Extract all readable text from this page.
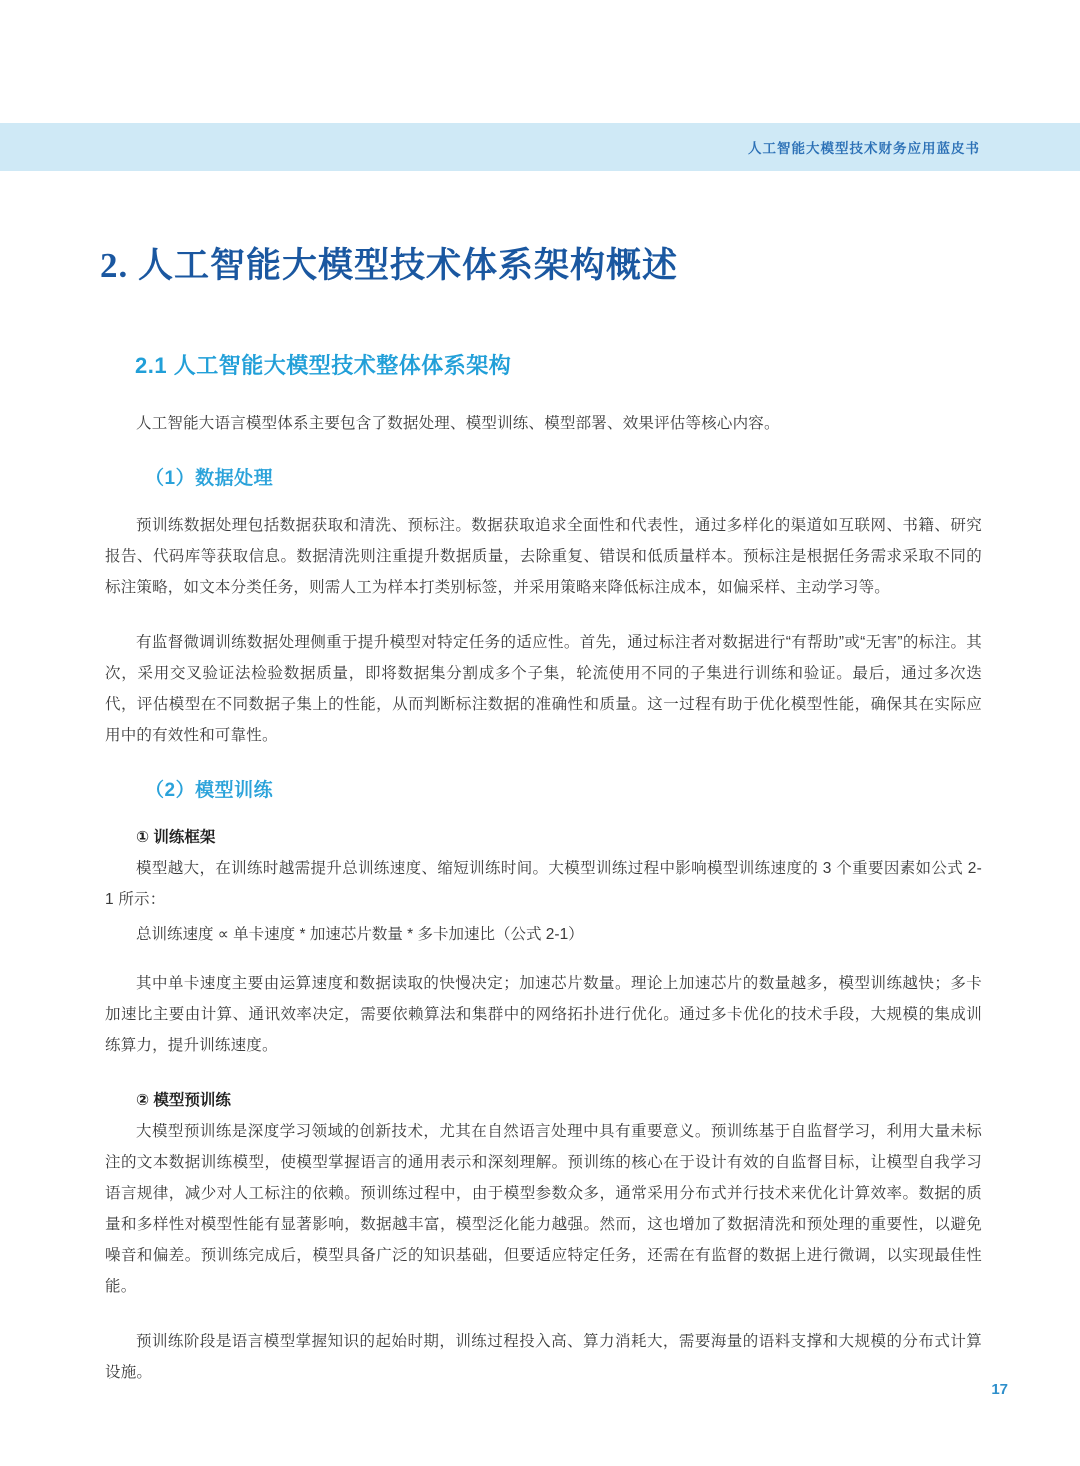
人工智能大模型技术财务应用蓝皮书
2. 人工智能大模型技术体系架构概述
2.1 人工智能大模型技术整体体系架构

人工智能大语言模型体系主要包含了数据处理、模型训练、模型部署、效果评估等核心内容。

（1）数据处理

预训练数据处理包括数据获取和清洗、预标注。数据获取追求全面性和代表性，通过多样化的渠道如互联网、书籍、研究报告、代码库等获取信息。数据清洗则注重提升数据质量，去除重复、错误和低质量样本。预标注是根据任务需求采取不同的标注策略，如文本分类任务，则需人工为样本打类别标签，并采用策略来降低标注成本，如偏采样、主动学习等。

有监督微调训练数据处理侧重于提升模型对特定任务的适应性。首先，通过标注者对数据进行“有帮助”或“无害”的标注。其次，采用交叉验证法检验数据质量，即将数据集分割成多个子集，轮流使用不同的子集进行训练和验证。最后，通过多次迭代，评估模型在不同数据子集上的性能，从而判断标注数据的准确性和质量。这一过程有助于优化模型性能，确保其在实际应用中的有效性和可靠性。

（2）模型训练

① 训练框架

模型越大，在训练时越需提升总训练速度、缩短训练时间。大模型训练过程中影响模型训练速度的 3 个重要因素如公式 2-1 所示：

总训练速度 ∝ 单卡速度 * 加速芯片数量 * 多卡加速比（公式 2-1）

其中单卡速度主要由运算速度和数据读取的快慢决定；加速芯片数量。理论上加速芯片的数量越多，模型训练越快；多卡加速比主要由计算、通讯效率决定，需要依赖算法和集群中的网络拓扑进行优化。通过多卡优化的技术手段，大规模的集成训练算力，提升训练速度。

② 模型预训练

大模型预训练是深度学习领域的创新技术，尤其在自然语言处理中具有重要意义。预训练基于自监督学习，利用大量未标注的文本数据训练模型，使模型掌握语言的通用表示和深刻理解。预训练的核心在于设计有效的自监督目标，让模型自我学习语言规律，减少对人工标注的依赖。预训练过程中，由于模型参数众多，通常采用分布式并行技术来优化计算效率。数据的质量和多样性对模型性能有显著影响，数据越丰富，模型泛化能力越强。然而，这也增加了数据清洗和预处理的重要性，以避免噪音和偏差。预训练完成后，模型具备广泛的知识基础，但要适应特定任务，还需在有监督的数据上进行微调，以实现最佳性能。

预训练阶段是语言模型掌握知识的起始时期，训练过程投入高、算力消耗大，需要海量的语料支撑和大规模的分布式计算设施。

17
